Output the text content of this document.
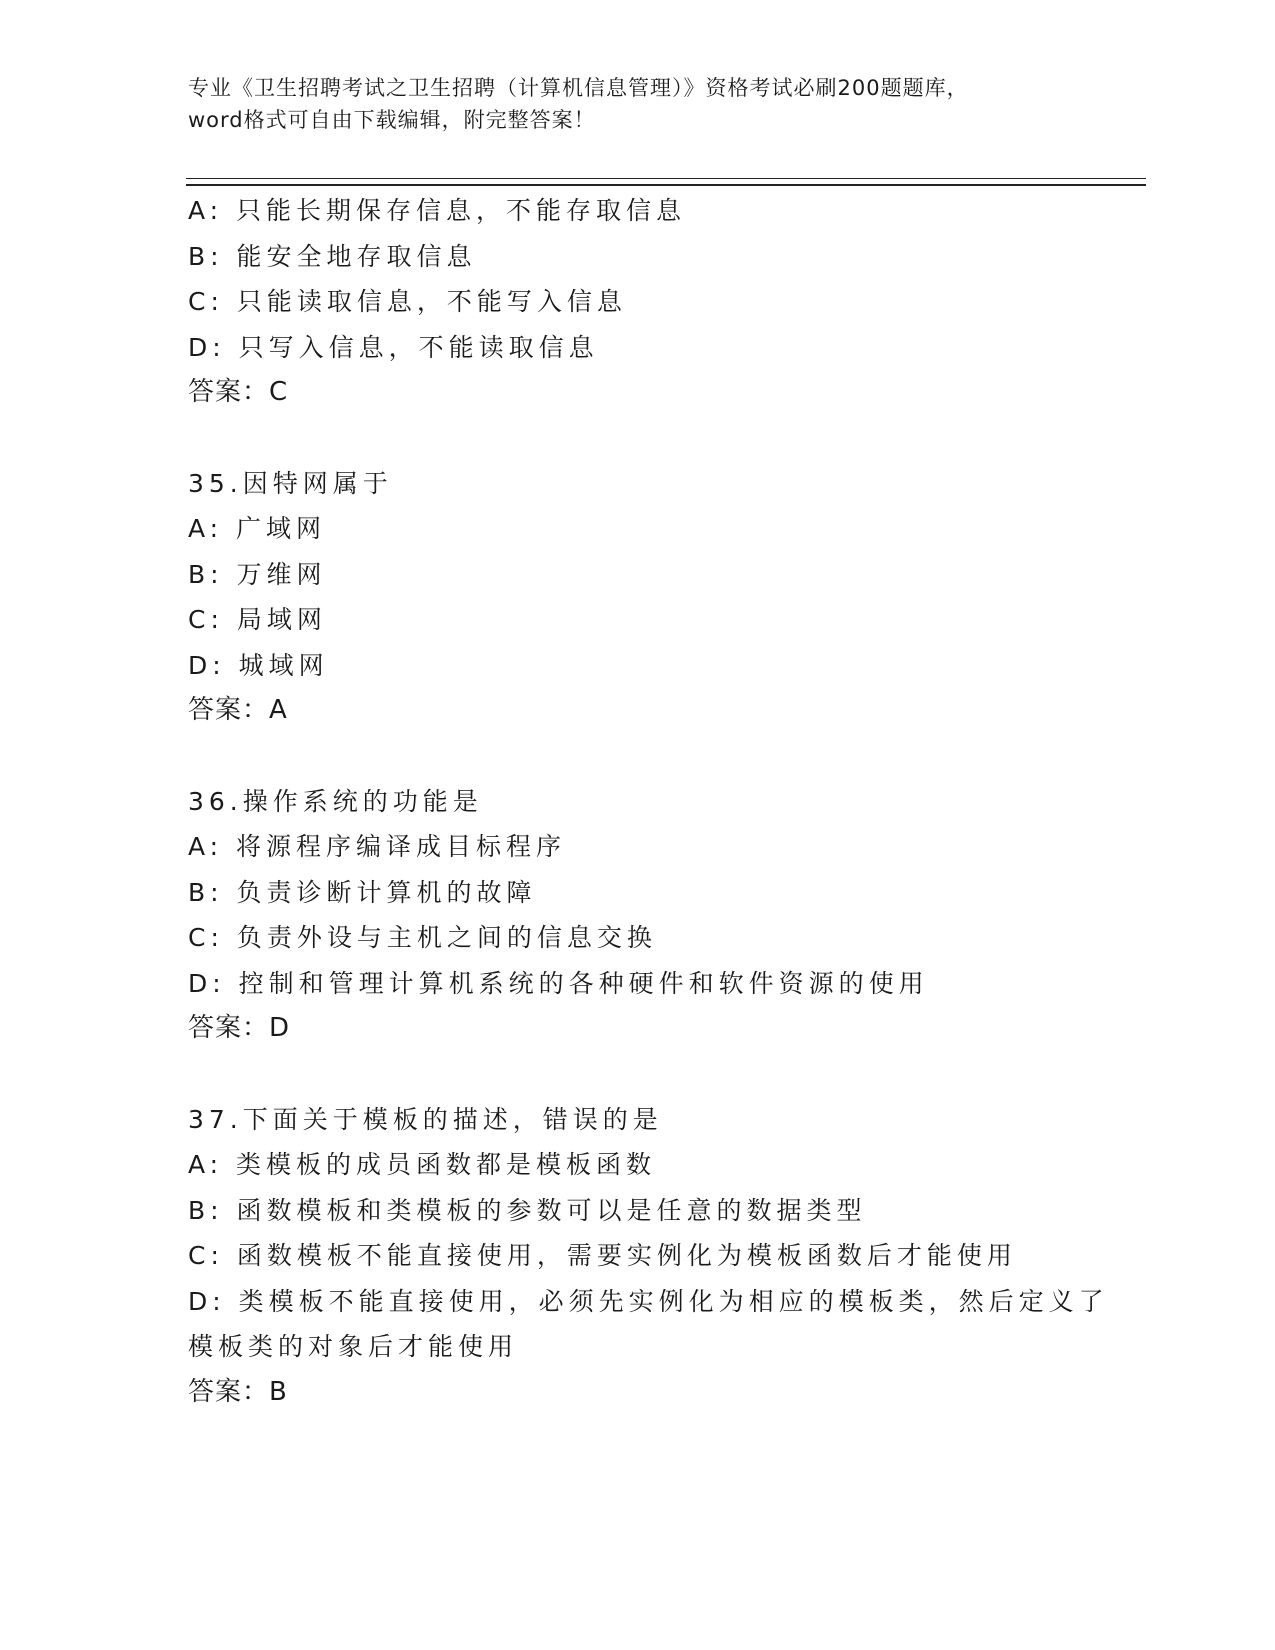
专业《卫生招聘考试之卫生招聘（计算机信息管理）》资格考试必刷200题题库，
word格式可自由下载编辑，附完整答案！
A: 只能长期保存信息，不能存取信息
B: 能安全地存取信息
C: 只能读取信息，不能写入信息
D: 只写入信息，不能读取信息
答案：C
35.因特网属于
A: 广域网
B: 万维网
C: 局域网
D: 城域网
答案：A
36.操作系统的功能是
A: 将源程序编译成目标程序
B: 负责诊断计算机的故障
C: 负责外设与主机之间的信息交换
D: 控制和管理计算机系统的各种硬件和软件资源的使用
答案：D
37.下面关于模板的描述，错误的是
A: 类模板的成员函数都是模板函数
B: 函数模板和类模板的参数可以是任意的数据类型
C: 函数模板不能直接使用，需要实例化为模板函数后才能使用
D: 类模板不能直接使用，必须先实例化为相应的模板类，然后定义了
模板类的对象后才能使用
答案：B
